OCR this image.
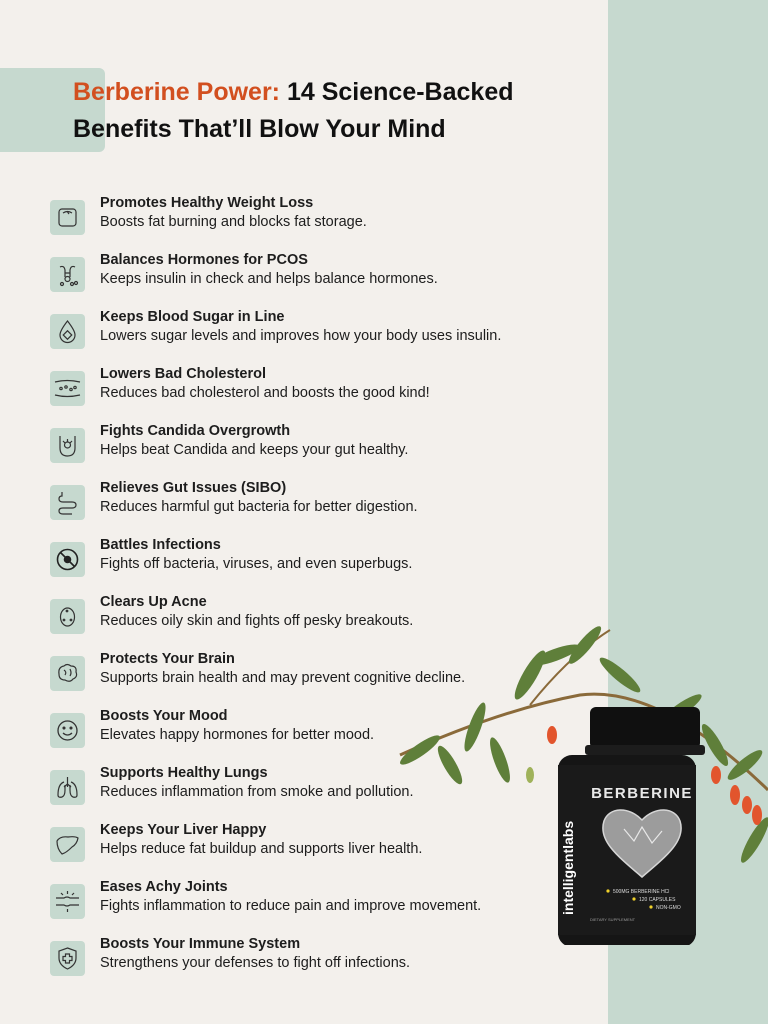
Berberine Power: 14 Science-Backed
Benefits That’ll Blow Your Mind
Promotes Healthy Weight Loss
Boosts fat burning and blocks fat storage.
Balances Hormones for PCOS
Keeps insulin in check and helps balance hormones.
Keeps Blood Sugar in Line
Lowers sugar levels and improves how your body uses insulin.
Lowers Bad Cholesterol
Reduces bad cholesterol and boosts the good kind!
Fights Candida Overgrowth
Helps beat Candida and keeps your gut healthy.
Relieves Gut Issues (SIBO)
Reduces harmful gut bacteria for better digestion.
Battles Infections
Fights off bacteria, viruses, and even superbugs.
Clears Up Acne
Reduces oily skin and fights off pesky breakouts.
Protects Your Brain
Supports brain health and may prevent cognitive decline.
Boosts Your Mood
Elevates happy hormones for better mood.
Supports Healthy Lungs
Reduces inflammation from smoke and pollution.
Keeps Your Liver Happy
Helps reduce fat buildup and supports liver health.
Eases Achy Joints
Fights inflammation to reduce pain and improve movement.
Boosts Your Immune System
Strengthens your defenses to fight off infections.
BERBERINE
intelligentlabs	500MG BERBERINE HCl
120 CAPSULES
NON-GMO
DIETARY SUPPLEMENT
